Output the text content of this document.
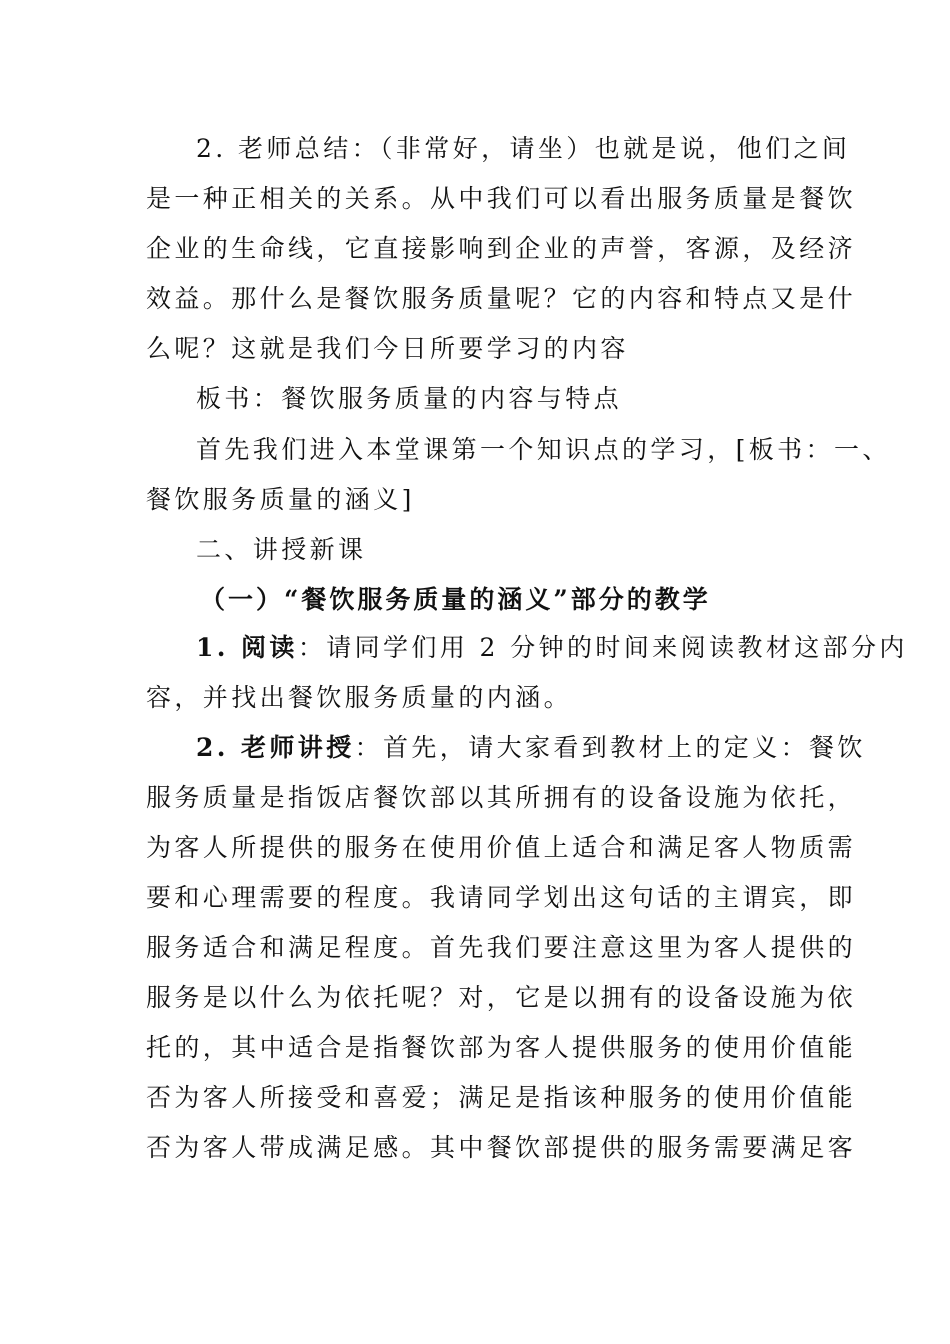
2. 老师总结：（非常好，请坐）也就是说，他们之间
是一种正相关的关系。从中我们可以看出服务质量是餐饮
企业的生命线，它直接影响到企业的声誉，客源，及经济
效益。那什么是餐饮服务质量呢？它的内容和特点又是什
么呢？这就是我们今日所要学习的内容
板书：餐饮服务质量的内容与特点
首先我们进入本堂课第一个知识点的学习，[板书：一、
餐饮服务质量的涵义]
二、讲授新课
（一）“餐饮服务质量的涵义”部分的教学
1. 阅读：请同学们用 2 分钟的时间来阅读教材这部分内
容，并找出餐饮服务质量的内涵。
2. 老师讲授：首先，请大家看到教材上的定义：餐饮
服务质量是指饭店餐饮部以其所拥有的设备设施为依托，
为客人所提供的服务在使用价值上适合和满足客人物质需
要和心理需要的程度。我请同学划出这句话的主谓宾，即
服务适合和满足程度。首先我们要注意这里为客人提供的
服务是以什么为依托呢？对，它是以拥有的设备设施为依
托的，其中适合是指餐饮部为客人提供服务的使用价值能
否为客人所接受和喜爱；满足是指该种服务的使用价值能
否为客人带成满足感。其中餐饮部提供的服务需要满足客
